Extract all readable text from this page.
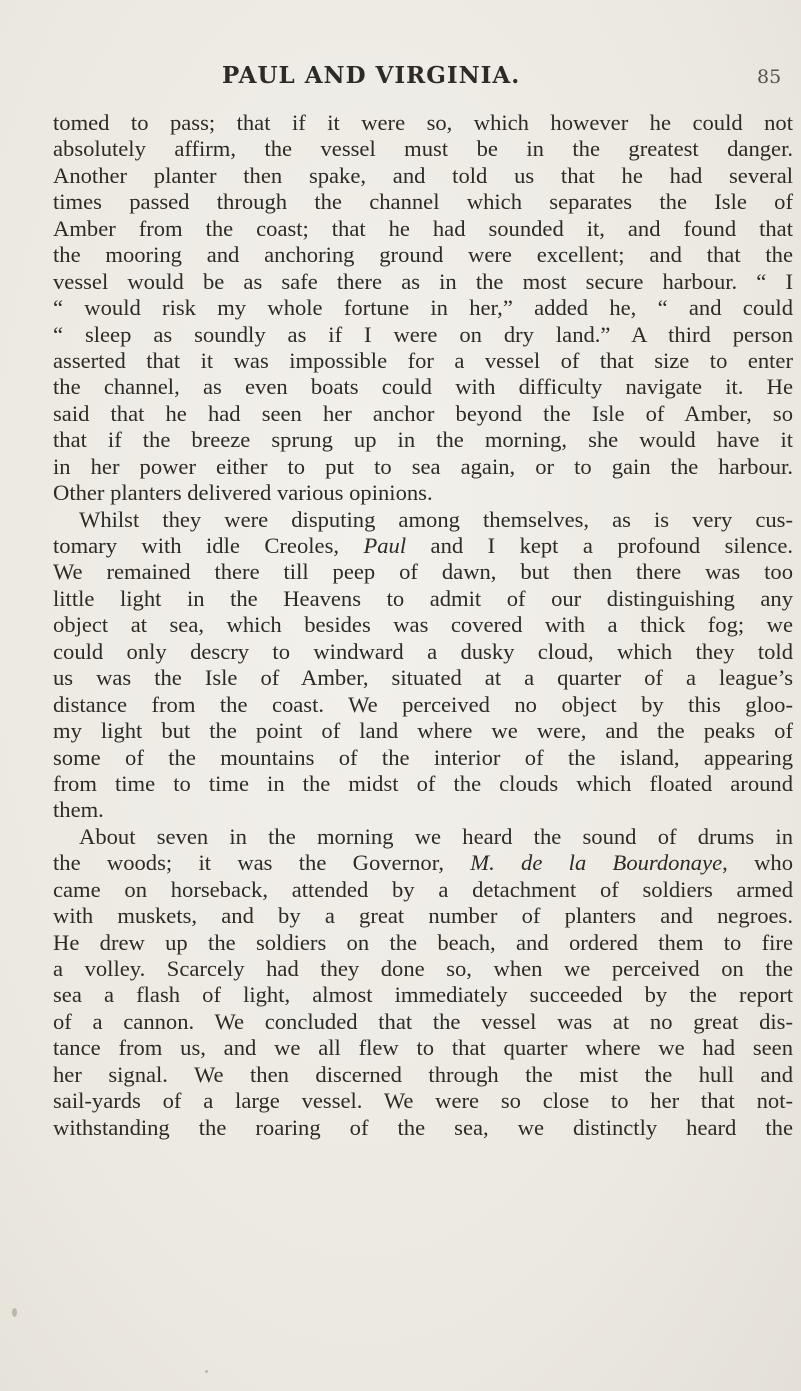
PAUL AND VIRGINIA.	85

tomed to pass; that if it were so, which however he could not
absolutely affirm, the vessel must be in the greatest danger.
Another planter then spake, and told us that he had several
times passed through the channel which separates the Isle of
Amber from the coast; that he had sounded it, and found that
the mooring and anchoring ground were excellent; and that the
vessel would be as safe there as in the most secure harbour. “ I
“ would risk my whole fortune in her,” added he, “ and could
“ sleep as soundly as if I were on dry land.” A third person
asserted that it was impossible for a vessel of that size to enter
the channel, as even boats could with difficulty navigate it. He
said that he had seen her anchor beyond the Isle of Amber, so
that if the breeze sprung up in the morning, she would have it
in her power either to put to sea again, or to gain the harbour.
Other planters delivered various opinions.

Whilst they were disputing among themselves, as is very cus-
tomary with idle Creoles, Paul and I kept a profound silence.
We remained there till peep of dawn, but then there was too
little light in the Heavens to admit of our distinguishing any
object at sea, which besides was covered with a thick fog; we
could only descry to windward a dusky cloud, which they told
us was the Isle of Amber, situated at a quarter of a league’s
distance from the coast. We perceived no object by this gloo-
my light but the point of land where we were, and the peaks of
some of the mountains of the interior of the island, appearing
from time to time in the midst of the clouds which floated around
them.

About seven in the morning we heard the sound of drums in
the woods; it was the Governor, M. de la Bourdonaye, who
came on horseback, attended by a detachment of soldiers armed
with muskets, and by a great number of planters and negroes.
He drew up the soldiers on the beach, and ordered them to fire
a volley. Scarcely had they done so, when we perceived on the
sea a flash of light, almost immediately succeeded by the report
of a cannon. We concluded that the vessel was at no great dis-
tance from us, and we all flew to that quarter where we had seen
her signal. We then discerned through the mist the hull and
sail-yards of a large vessel. We were so close to her that not-
withstanding the roaring of the sea, we distinctly heard the
